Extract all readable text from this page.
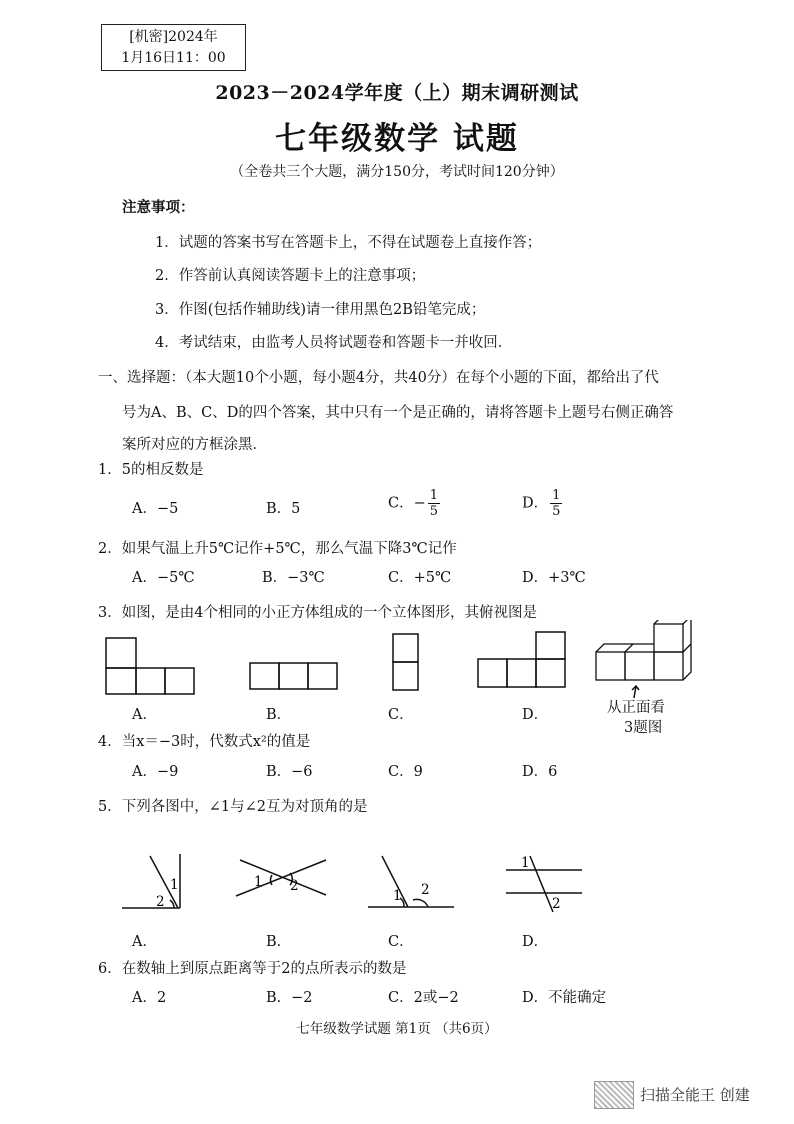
[机密]2024年
1月16日11：00
2023－2024学年度（上）期末调研测试
七年级数学 试题
（全卷共三个大题，满分150分，考试时间120分钟）
注意事项：
1．试题的答案书写在答题卡上，不得在试题卷上直接作答；
2．作答前认真阅读答题卡上的注意事项；
3．作图(包括作辅助线)请一律用黑色2B铅笔完成；
4．考试结束，由监考人员将试题卷和答题卡一并收回．
一、选择题：（本大题10个小题，每小题4分，共40分）在每个小题的下面，都给出了代
号为A、B、C、D的四个答案，其中只有一个是正确的，请将答题卡上题号右侧正确答
案所对应的方框涂黑．
1．5的相反数是
A．−5	B．5	C．− $\frac{1}{5}$	D． $\frac{1}{5}$
2．如果气温上升5℃记作+5℃，那么气温下降3℃记作
A．−5℃	B．−3℃	C．+5℃	D．+3℃
3．如图，是由4个相同的小正方体组成的一个立体图形，其俯视图是
A．	B．	C．	D．	从正面看
3题图
4．当x＝−3时，代数式x²的值是
A．−9	B．−6	C．9	D．6
5．下列各图中，∠1与∠2互为对顶角的是
1
2
1 2
1 2
1
2
A．	B．	C．	D．
6．在数轴上到原点距离等于2的点所表示的数是
A．2	B．−2	C．2或−2	D．不能确定
七年级数学试题 第1页 （共6页）
扫描全能王 创建
